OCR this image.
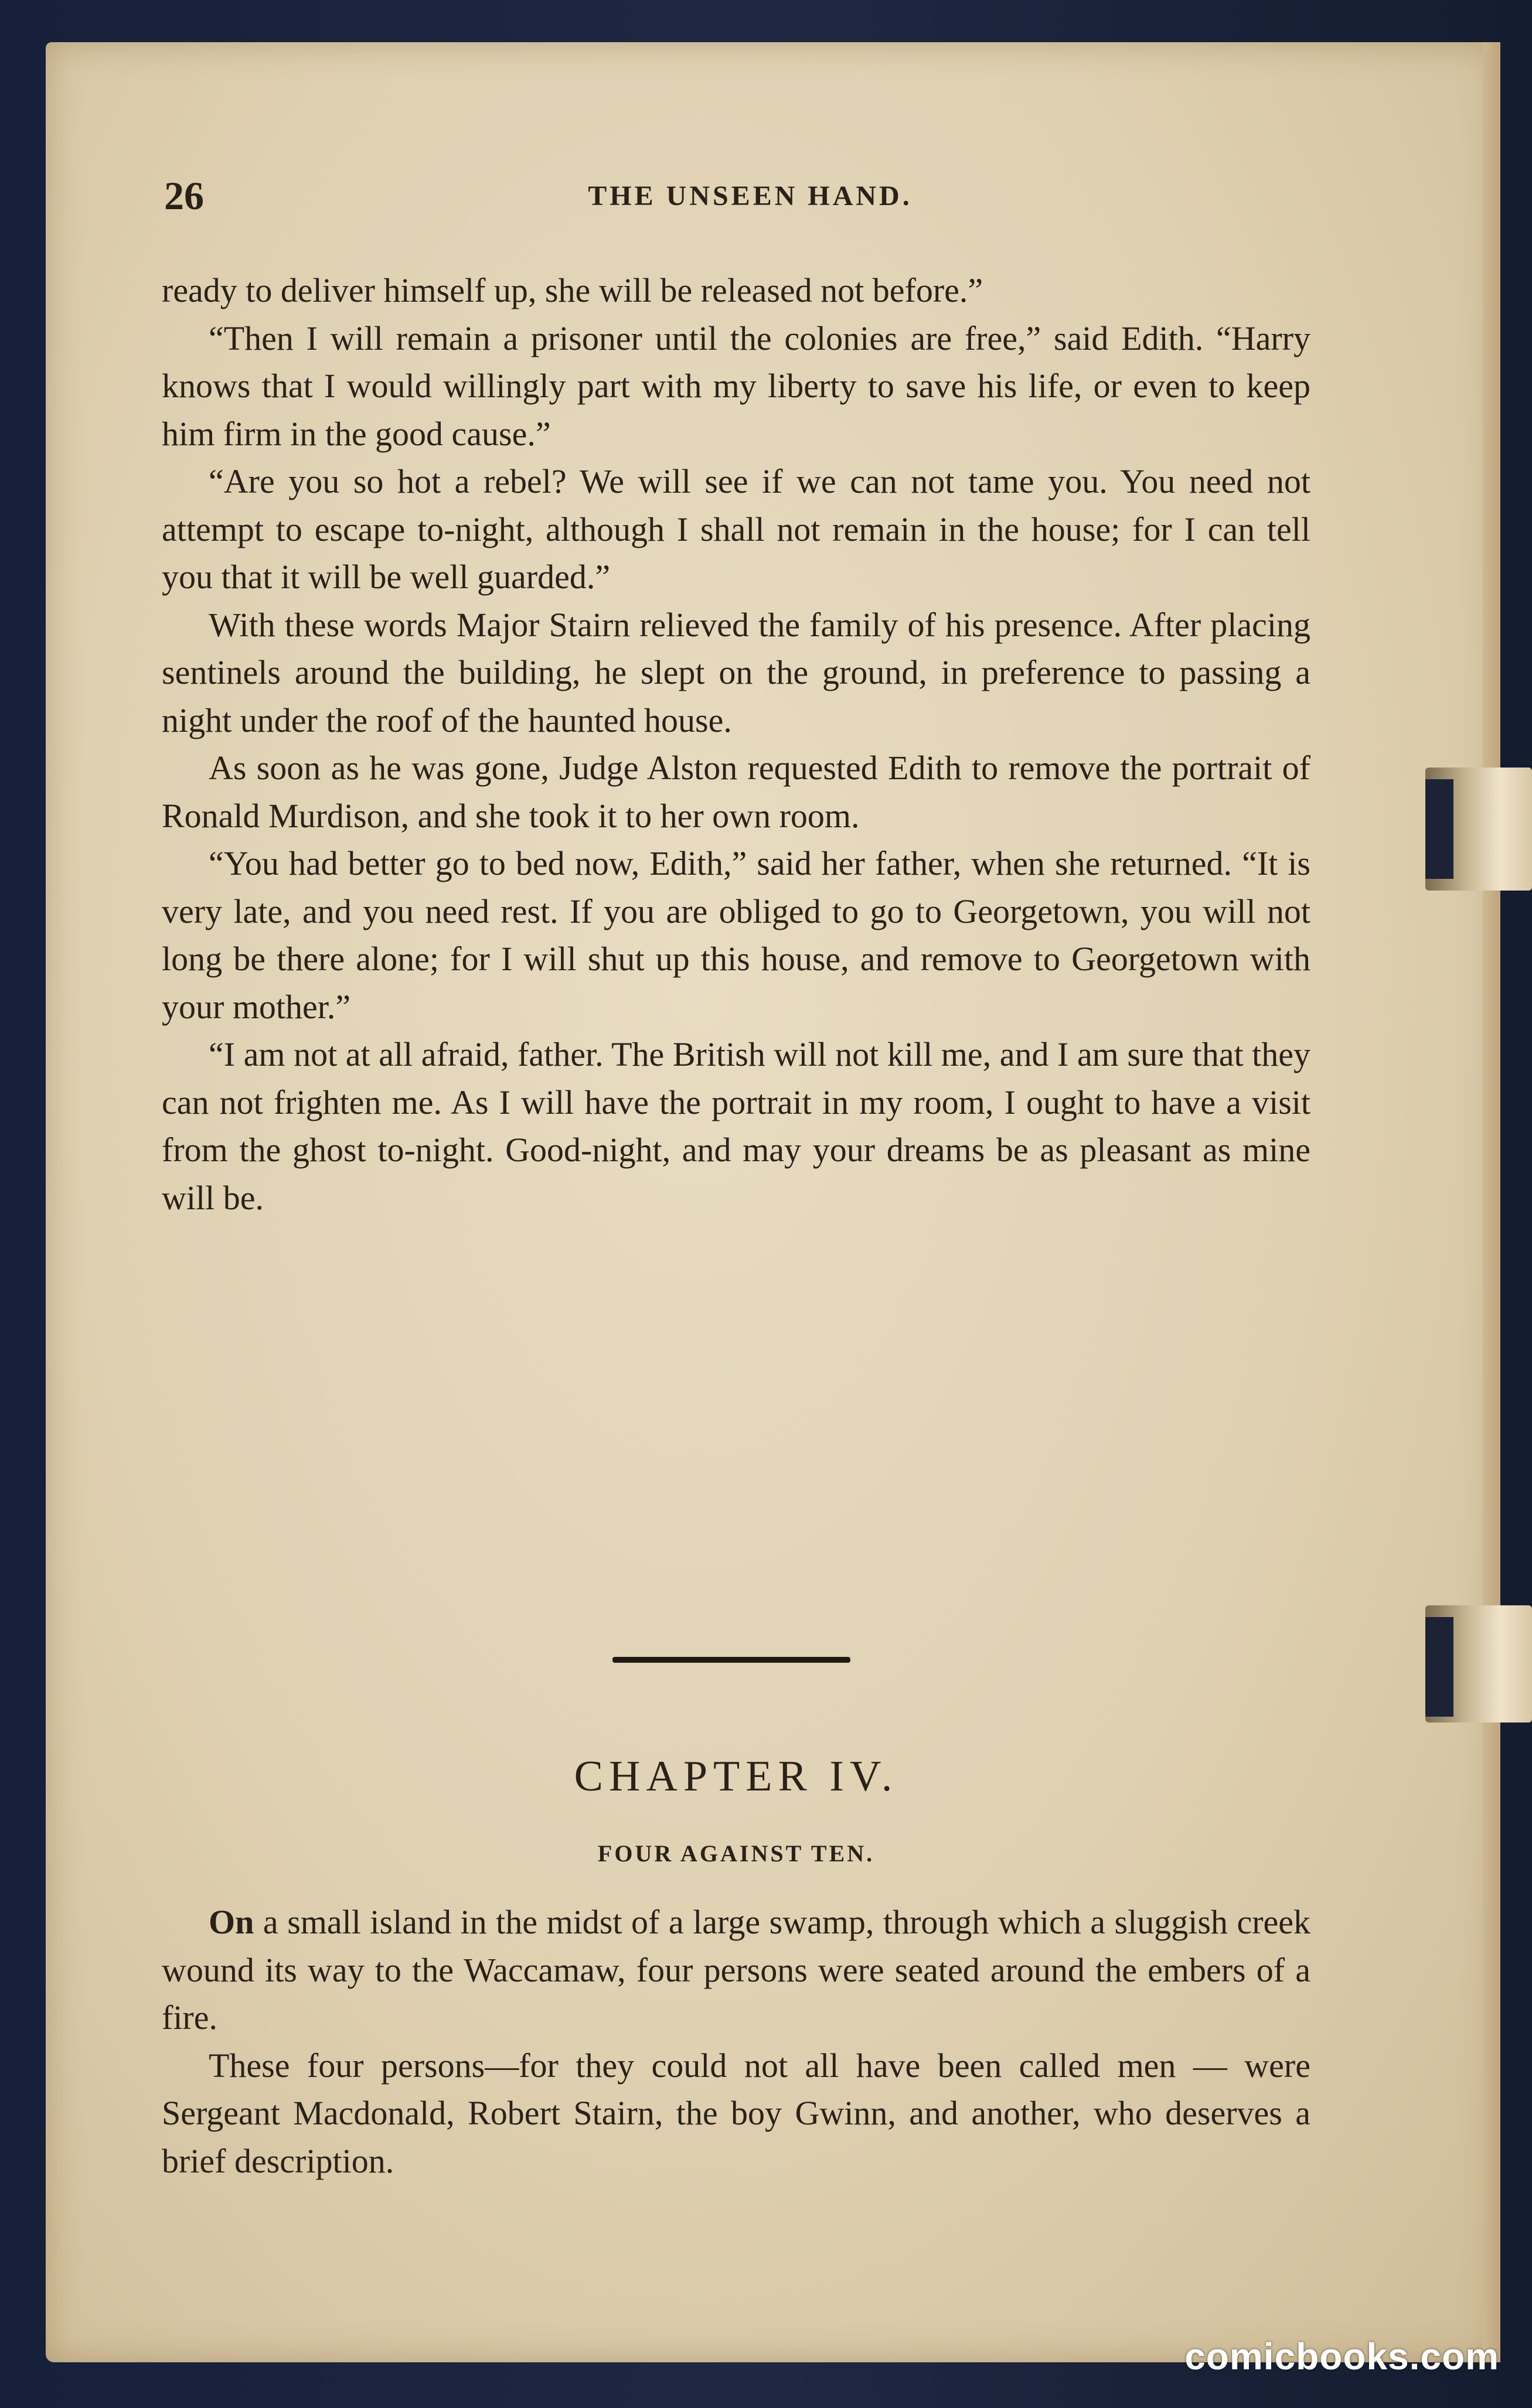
26	THE UNSEEN HAND.

ready to deliver himself up, she will be released not before.”

“Then I will remain a prisoner until the colonies are free,” said Edith. “Harry knows that I would willingly part with my liberty to save his life, or even to keep him firm in the good cause.”

“Are you so hot a rebel? We will see if we can not tame you. You need not attempt to escape to-night, although I shall not remain in the house; for I can tell you that it will be well guarded.”

With these words Major Stairn relieved the family of his presence. After placing sentinels around the building, he slept on the ground, in preference to passing a night under the roof of the haunted house.

As soon as he was gone, Judge Alston requested Edith to remove the portrait of Ronald Murdison, and she took it to her own room.

“You had better go to bed now, Edith,” said her father, when she returned. “It is very late, and you need rest. If you are obliged to go to Georgetown, you will not long be there alone; for I will shut up this house, and remove to Georgetown with your mother.”

“I am not at all afraid, father. The British will not kill me, and I am sure that they can not frighten me. As I will have the portrait in my room, I ought to have a visit from the ghost to-night. Good-night, and may your dreams be as pleasant as mine will be.

CHAPTER IV.
FOUR AGAINST TEN.

On a small island in the midst of a large swamp, through which a sluggish creek wound its way to the Waccamaw, four persons were seated around the embers of a fire.

These four persons—for they could not all have been called men — were Sergeant Macdonald, Robert Stairn, the boy Gwinn, and another, who deserves a brief description.

comicbooks.com
